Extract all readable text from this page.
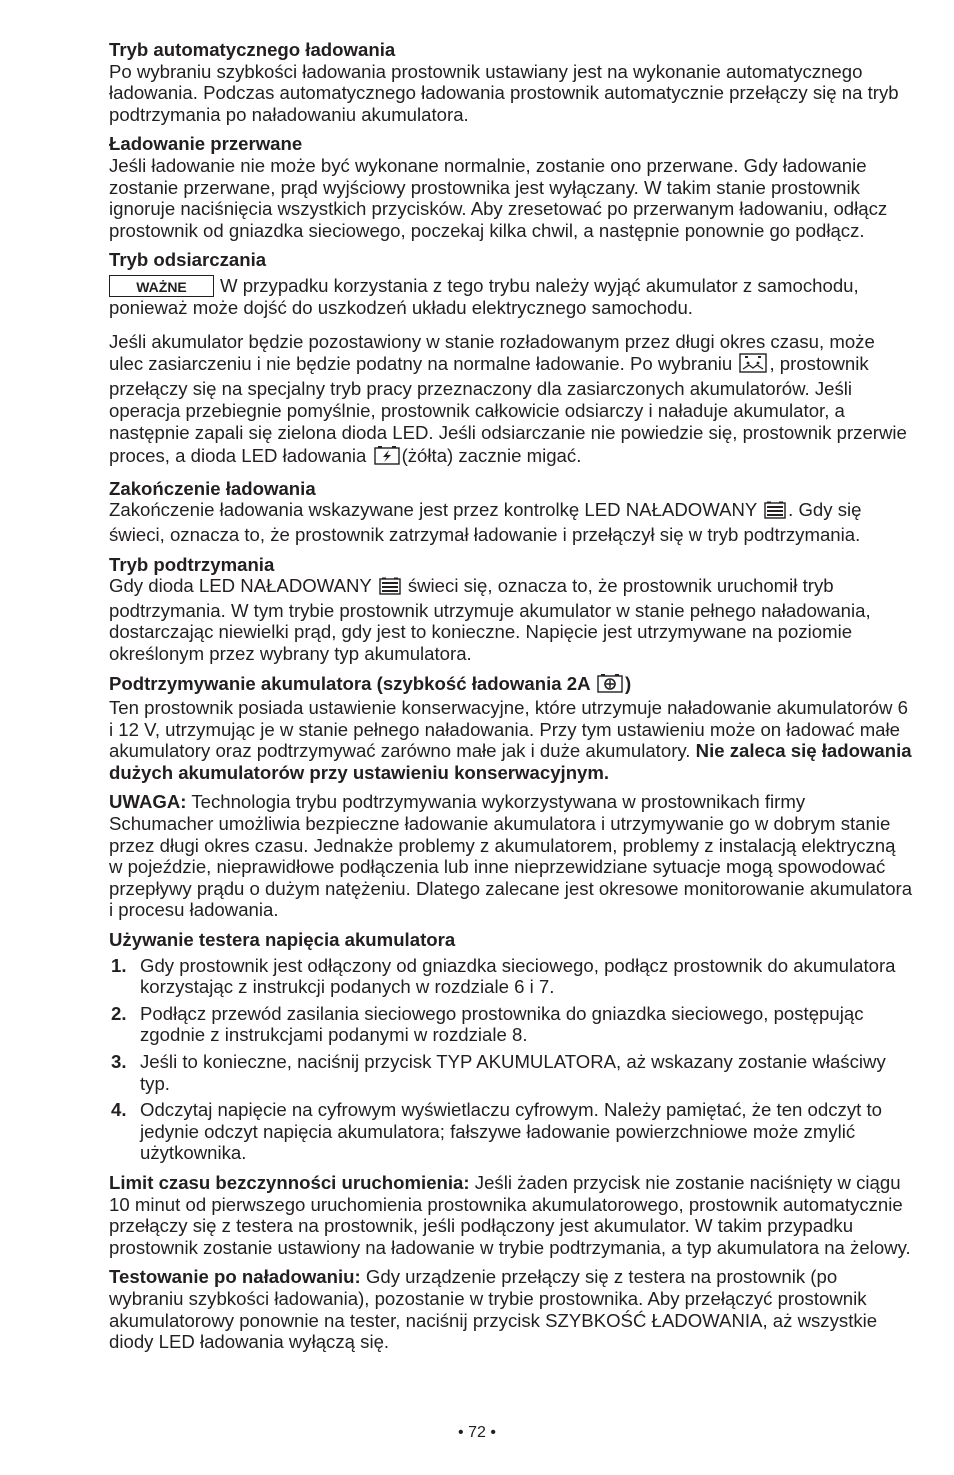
Tryb automatycznego ładowania

Po wybraniu szybkości ładowania prostownik ustawiany jest na wykonanie automatycznego ładowania. Podczas automatycznego ładowania prostownik automatycznie przełączy się na tryb podtrzymania po naładowaniu akumulatora.

Ładowanie przerwane

Jeśli ładowanie nie może być wykonane normalnie, zostanie ono przerwane. Gdy ładowanie zostanie przerwane, prąd wyjściowy prostownika jest wyłączany. W takim stanie prostownik ignoruje naciśnięcia wszystkich przycisków. Aby zresetować po przerwanym ładowaniu, odłącz prostownik od gniazdka sieciowego, poczekaj kilka chwil, a następnie ponownie go podłącz.

Tryb odsiarczania

WAŻNE W przypadku korzystania z tego trybu należy wyjąć akumulator z samochodu, ponieważ może dojść do uszkodzeń układu elektrycznego samochodu.

Jeśli akumulator będzie pozostawiony w stanie rozładowanym przez długi okres czasu, może ulec zasiarczeniu i nie będzie podatny na normalne ładowanie. Po wybraniu , prostownik przełączy się na specjalny tryb pracy przeznaczony dla zasiarczonych akumulatorów. Jeśli operacja przebiegnie pomyślnie, prostownik całkowicie odsiarczy i naładuje akumulator, a następnie zapali się zielona dioda LED. Jeśli odsiarczanie nie powiedzie się, prostownik przerwie proces, a dioda LED ładowania (żółta) zacznie migać.

Zakończenie ładowania

Zakończenie ładowania wskazywane jest przez kontrolkę LED NAŁADOWANY . Gdy się świeci, oznacza to, że prostownik zatrzymał ładowanie i przełączył się w tryb podtrzymania.

Tryb podtrzymania

Gdy dioda LED NAŁADOWANY świeci się, oznacza to, że prostownik uruchomił tryb podtrzymania. W tym trybie prostownik utrzymuje akumulator w stanie pełnego naładowania, dostarczając niewielki prąd, gdy jest to konieczne. Napięcie jest utrzymywane na poziomie określonym przez wybrany typ akumulatora.

Podtrzymywanie akumulatora (szybkość ładowania 2A )

Ten prostownik posiada ustawienie konserwacyjne, które utrzymuje naładowanie akumulatorów 6 i 12 V, utrzymując je w stanie pełnego naładowania. Przy tym ustawieniu może on ładować małe akumulatory oraz podtrzymywać zarówno małe jak i duże akumulatory. Nie zaleca się ładowania dużych akumulatorów przy ustawieniu konserwacyjnym.

UWAGA: Technologia trybu podtrzymywania wykorzystywana w prostownikach firmy Schumacher umożliwia bezpieczne ładowanie akumulatora i utrzymywanie go w dobrym stanie przez długi okres czasu. Jednakże problemy z akumulatorem, problemy z instalacją elektryczną w pojeździe, nieprawidłowe podłączenia lub inne nieprzewidziane sytuacje mogą spowodować przepływy prądu o dużym natężeniu. Dlatego zalecane jest okresowe monitorowanie akumulatora i procesu ładowania.

Używanie testera napięcia akumulatora

1. Gdy prostownik jest odłączony od gniazdka sieciowego, podłącz prostownik do akumulatora korzystając z instrukcji podanych w rozdziale 6 i 7.
2. Podłącz przewód zasilania sieciowego prostownika do gniazdka sieciowego, postępując zgodnie z instrukcjami podanymi w rozdziale 8.
3. Jeśli to konieczne, naciśnij przycisk TYP AKUMULATORA, aż wskazany zostanie właściwy typ.
4. Odczytaj napięcie na cyfrowym wyświetlaczu cyfrowym. Należy pamiętać, że ten odczyt to jedynie odczyt napięcia akumulatora; fałszywe ładowanie powierzchniowe może zmylić użytkownika.

Limit czasu bezczynności uruchomienia: Jeśli żaden przycisk nie zostanie naciśnięty w ciągu 10 minut od pierwszego uruchomienia prostownika akumulatorowego, prostownik automatycznie przełączy się z testera na prostownik, jeśli podłączony jest akumulator. W takim przypadku prostownik zostanie ustawiony na ładowanie w trybie podtrzymania, a typ akumulatora na żelowy.

Testowanie po naładowaniu: Gdy urządzenie przełączy się z testera na prostownik (po wybraniu szybkości ładowania), pozostanie w trybie prostownika. Aby przełączyć prostownik akumulatorowy ponownie na tester, naciśnij przycisk SZYBKOŚĆ ŁADOWANIA, aż wszystkie diody LED ładowania wyłączą się.

• 72 •
